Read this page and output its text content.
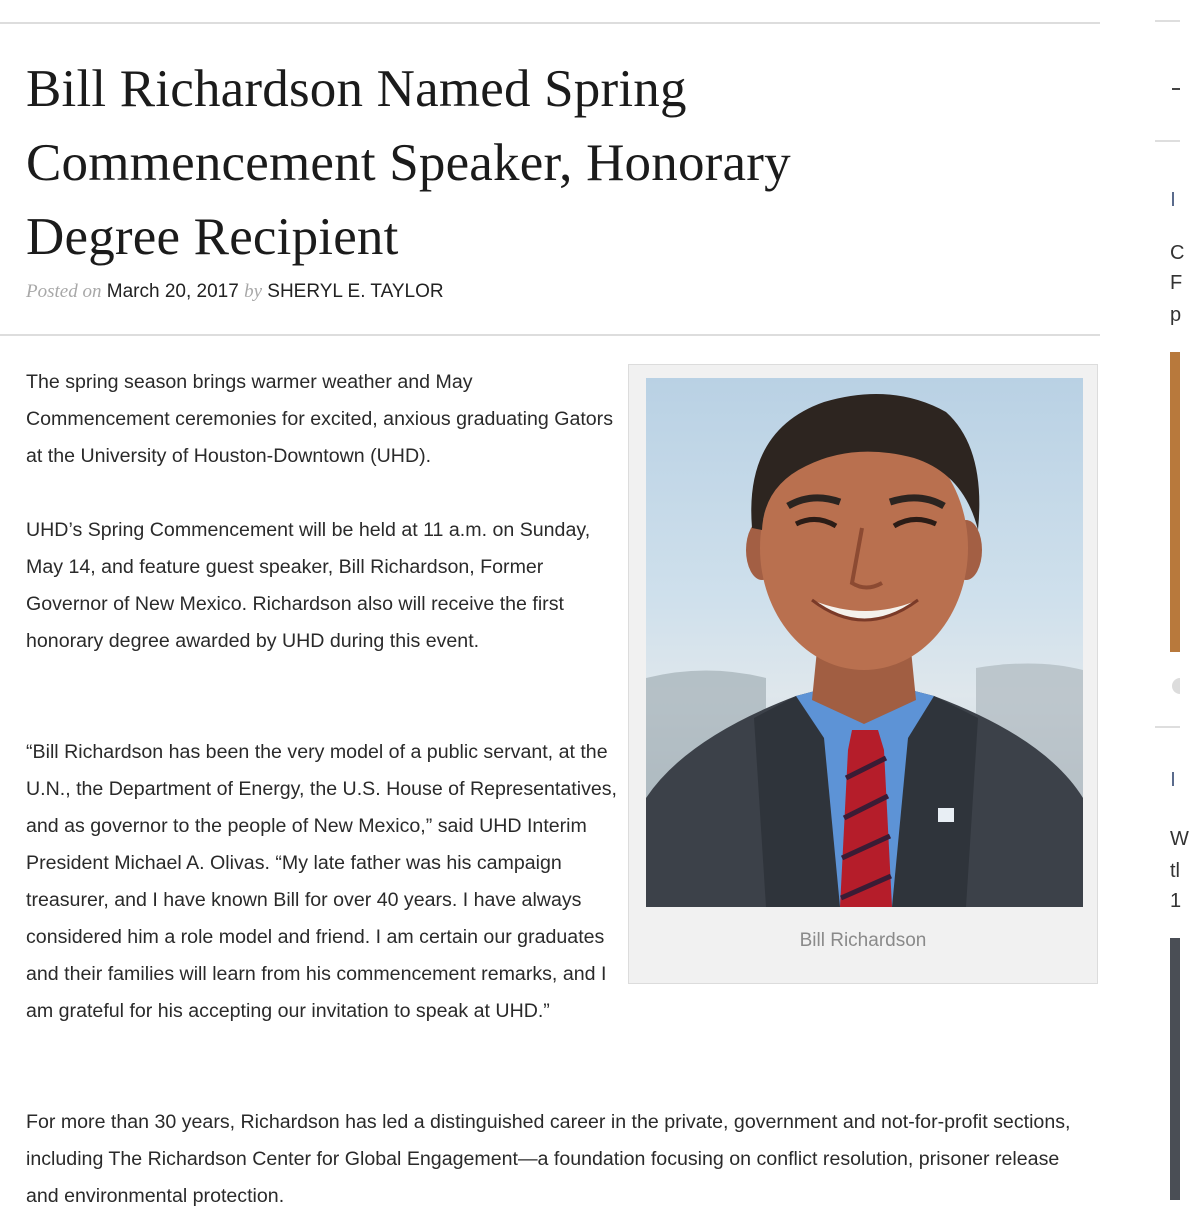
Bill Richardson Named Spring Commencement Speaker, Honorary Degree Recipient
Posted on March 20, 2017 by SHERYL E. TAYLOR

The spring season brings warmer weather and May Commencement ceremonies for excited, anxious graduating Gators at the University of Houston-Downtown (UHD).

UHD’s Spring Commencement will be held at 11 a.m. on Sunday, May 14, and feature guest speaker, Bill Richardson, Former Governor of New Mexico. Richardson also will receive the first honorary degree awarded by UHD during this event.

“Bill Richardson has been the very model of a public servant, at the U.N., the Department of Energy, the U.S. House of Representatives, and as governor to the people of New Mexico,” said UHD Interim President Michael A. Olivas. “My late father was his campaign treasurer, and I have known Bill for over 40 years. I have always considered him a role model and friend. I am certain our graduates and their families will learn from his commencement remarks, and I am grateful for his accepting our invitation to speak at UHD.”

Bill Richardson

For more than 30 years, Richardson has led a distinguished career in the private, government and not-for-profit sections, including The Richardson Center for Global Engagement—a foundation focusing on conflict resolution, prisoner release and environmental protection.

C
F
p
W
tl
1
